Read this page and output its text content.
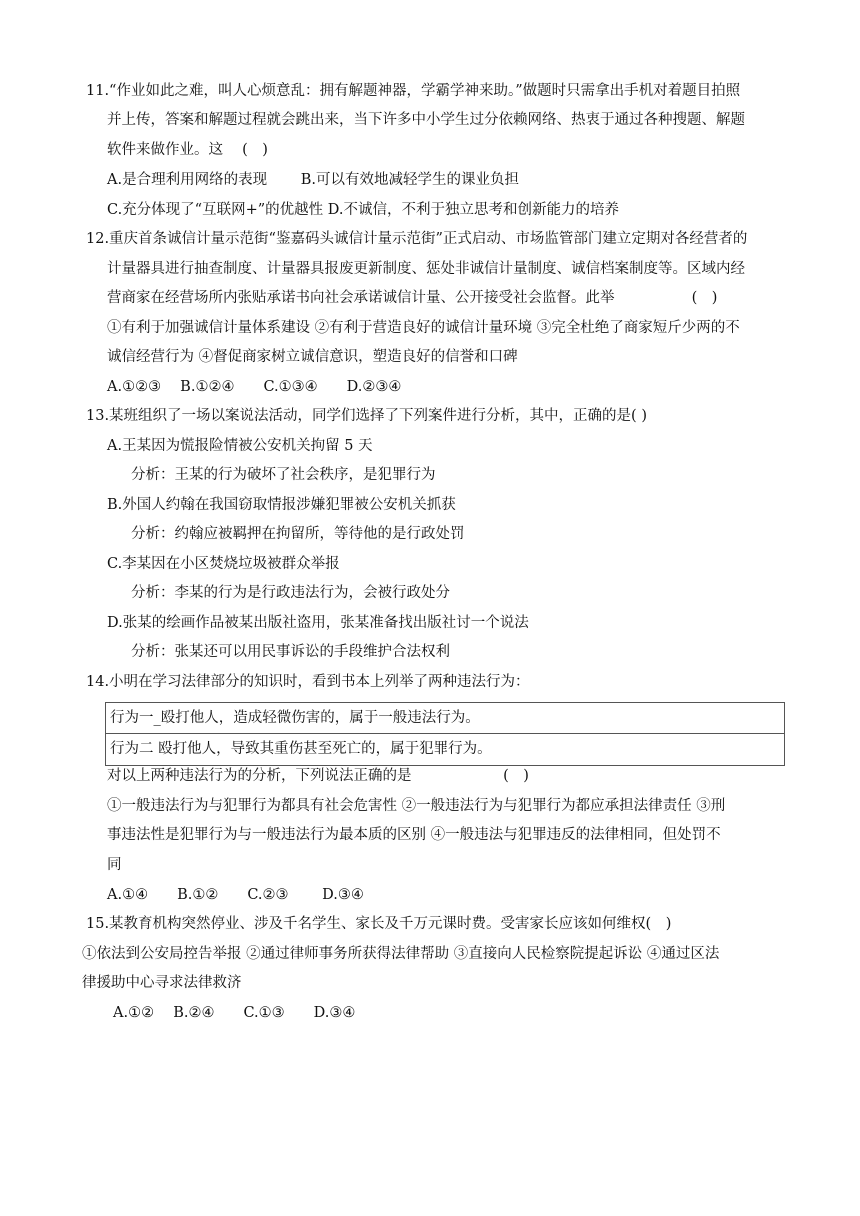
11.“作业如此之难，叫人心烦意乱：拥有解题神器，学霸学神来助。”做题时只需拿出手机对着题目拍照
并上传，答案和解题过程就会跳出来，当下许多中小学生过分依赖网络、热衷于通过各种搜题、解题
软件来做作业。这　 (　)
A.是合理利用网络的表现　　 B.可以有效地减轻学生的课业负担
C.充分体现了“互联网+”的优越性 D.不诚信，不利于独立思考和创新能力的培养
12.重庆首条诚信计量示范街“鉴嘉码头诚信计量示范街”正式启动、市场监管部门建立定期对各经营者的
计量器具进行抽查制度、计量器具报废更新制度、惩处非诚信计量制度、诚信档案制度等。区域内经
营商家在经营场所内张贴承诺书向社会承诺诚信计量、公开接受社会监督。此举　　　　　 (　)
①有利于加强诚信计量体系建设 ②有利于营造良好的诚信计量环境 ③完全杜绝了商家短斤少两的不
诚信经营行为 ④督促商家树立诚信意识，塑造良好的信誉和口碑
A.①②③　 B.①②④　　C.①③④　　D.②③④
13.某班组织了一场以案说法活动，同学们选择了下列案件进行分析，其中，正确的是( )
A.王某因为慌报险情被公安机关拘留 5 天
分析：王某的行为破坏了社会秩序，是犯罪行为
B.外国人约翰在我国窃取情报涉嫌犯罪被公安机关抓获
分析：约翰应被羁押在拘留所，等待他的是行政处罚
C.李某因在小区焚烧垃圾被群众举报
分析：李某的行为是行政违法行为，会被行政处分
D.张某的绘画作品被某出版社盗用，张某准备找出版社讨一个说法
分析：张某还可以用民事诉讼的手段维护合法权利
14.小明在学习法律部分的知识时，看到书本上列举了两种违法行为：
行为一_殴打他人，造成轻微伤害的，属于一般违法行为。
行为二 殴打他人，导致其重伤甚至死亡的，属于犯罪行为。
对以上两种违法行为的分析，下列说法正确的是　　　　　　 (　)
①一般违法行为与犯罪行为都具有社会危害性 ②一般违法行为与犯罪行为都应承担法律责任 ③刑
事违法性是犯罪行为与一般违法行为最本质的区别 ④一般违法与犯罪违反的法律相同，但处罚不
同
A.①④　　B.①②　　C.②③　　 D.③④
15.某教育机构突然停业、涉及千名学生、家长及千万元课时费。受害家长应该如何维权(　)
①依法到公安局控告举报 ②通过律师事务所获得法律帮助 ③直接向人民检察院提起诉讼 ④通过区法
律援助中心寻求法律救济
A.①②　 B.②④　　C.①③　　D.③④
